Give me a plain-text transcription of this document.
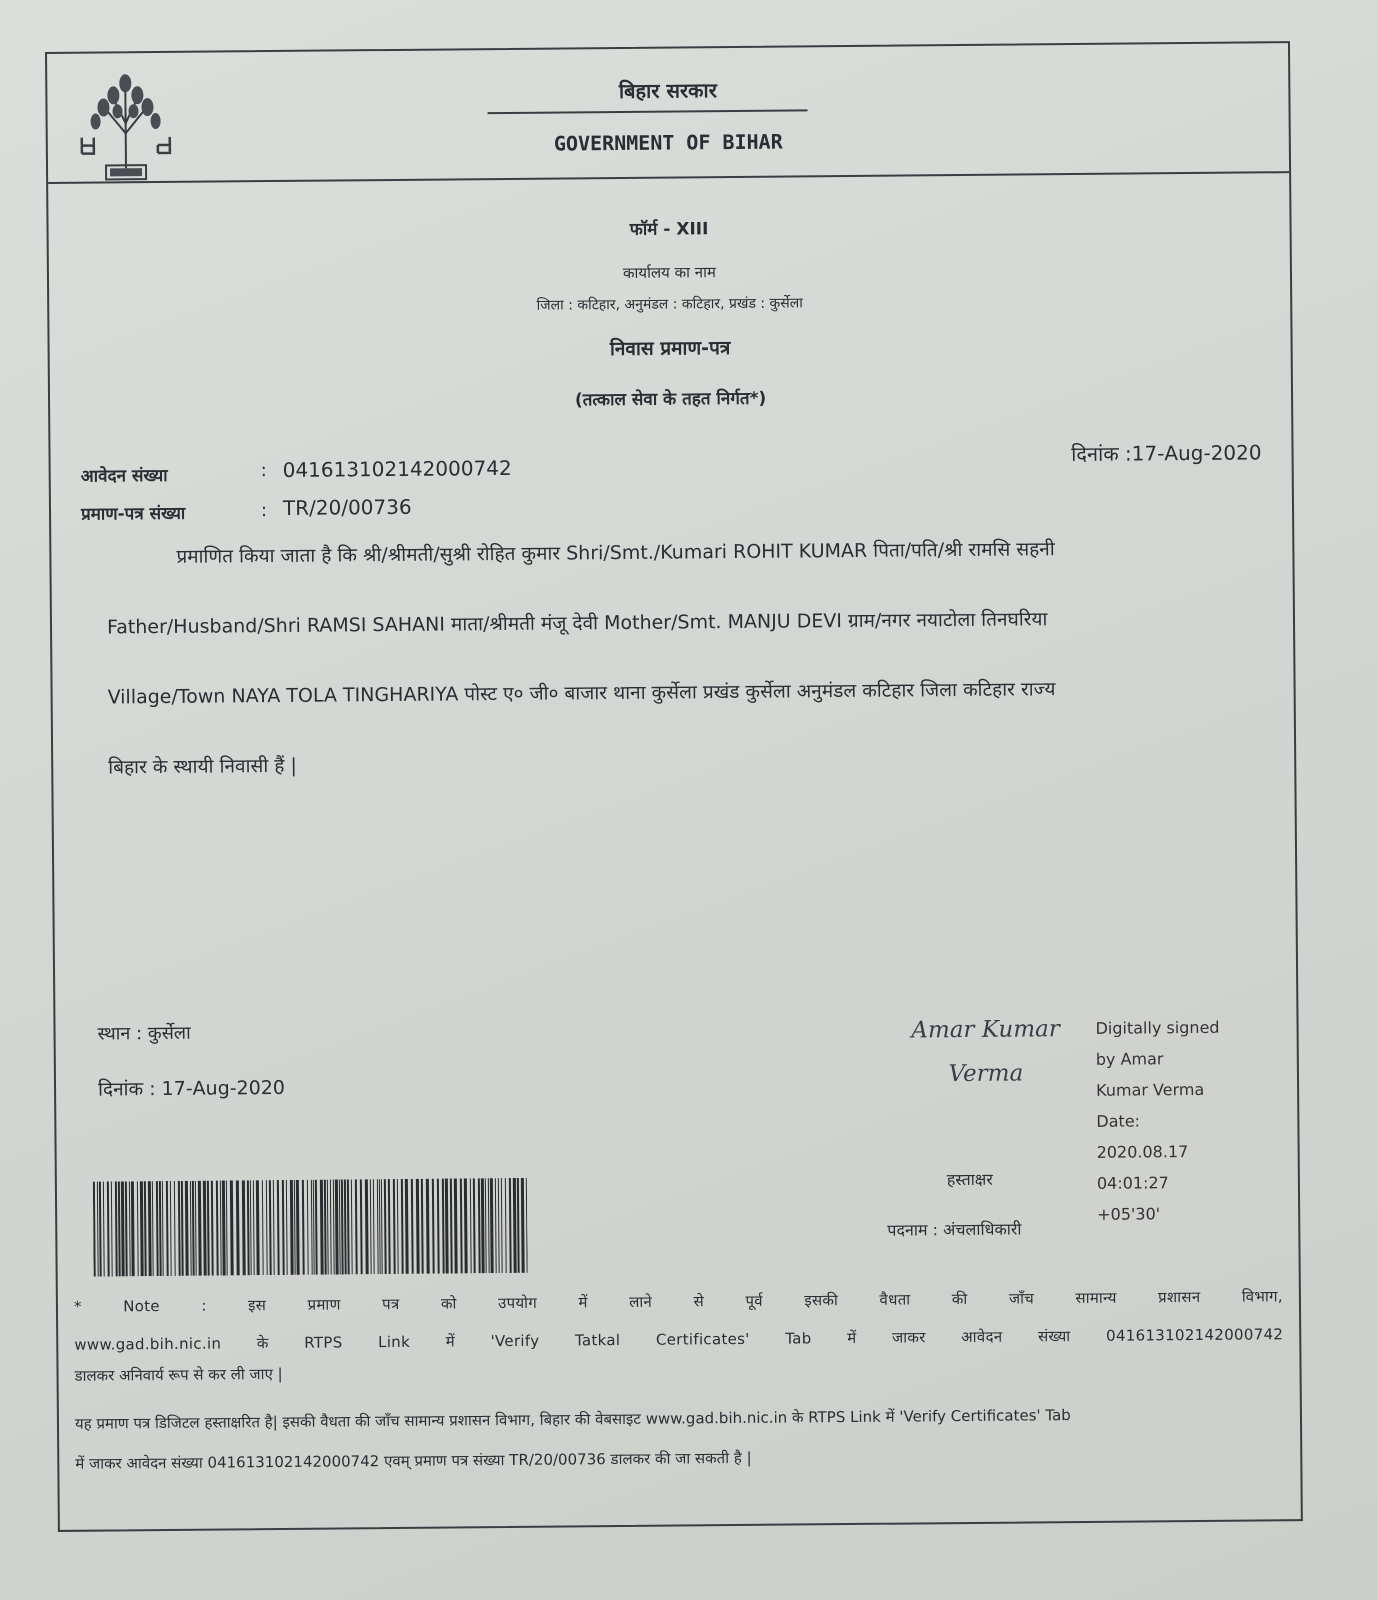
बिहार सरकार
GOVERNMENT OF BIHAR
फॉर्म - XIII
कार्यालय का नाम
जिला : कटिहार, अनुमंडल : कटिहार, प्रखंड : कुर्सेला
निवास प्रमाण-पत्र
(तत्काल सेवा के तहत निर्गत*)
आवेदन संख्या	: 041613102142000742
प्रमाण-पत्र संख्या	: TR/20/00736
दिनांक :17-Aug-2020
प्रमाणित किया जाता है कि श्री/श्रीमती/सुश्री रोहित कुमार Shri/Smt./Kumari ROHIT KUMAR पिता/पति/श्री रामसि सहनी
Father/Husband/Shri RAMSI SAHANI माता/श्रीमती मंजू देवी Mother/Smt. MANJU DEVI ग्राम/नगर नयाटोला तिनघरिया
Village/Town NAYA TOLA TINGHARIYA पोस्ट ए० जी० बाजार थाना कुर्सेला प्रखंड कुर्सेला अनुमंडल कटिहार जिला कटिहार राज्य
बिहार के स्थायी निवासी हैं |
स्थान : कुर्सेला
दिनांक : 17-Aug-2020
Amar Kumar
Verma
Digitally signed
by Amar
Kumar Verma
Date:
2020.08.17
04:01:27
+05'30'
हस्ताक्षर
पदनाम : अंचलाधिकारी
* Note : इस प्रमाण पत्र को उपयोग में लाने से पूर्व इसकी वैधता की जाँच सामान्य प्रशासन विभाग,
www.gad.bih.nic.in के RTPS Link में 'Verify Tatkal Certificates' Tab में जाकर आवेदन संख्या 041613102142000742
डालकर अनिवार्य रूप से कर ली जाए |
यह प्रमाण पत्र डिजिटल हस्ताक्षरित है| इसकी वैधता की जाँच सामान्य प्रशासन विभाग, बिहार की वेबसाइट www.gad.bih.nic.in के RTPS Link में 'Verify Certificates' Tab
में जाकर आवेदन संख्या 041613102142000742 एवम् प्रमाण पत्र संख्या TR/20/00736 डालकर की जा सकती है |
